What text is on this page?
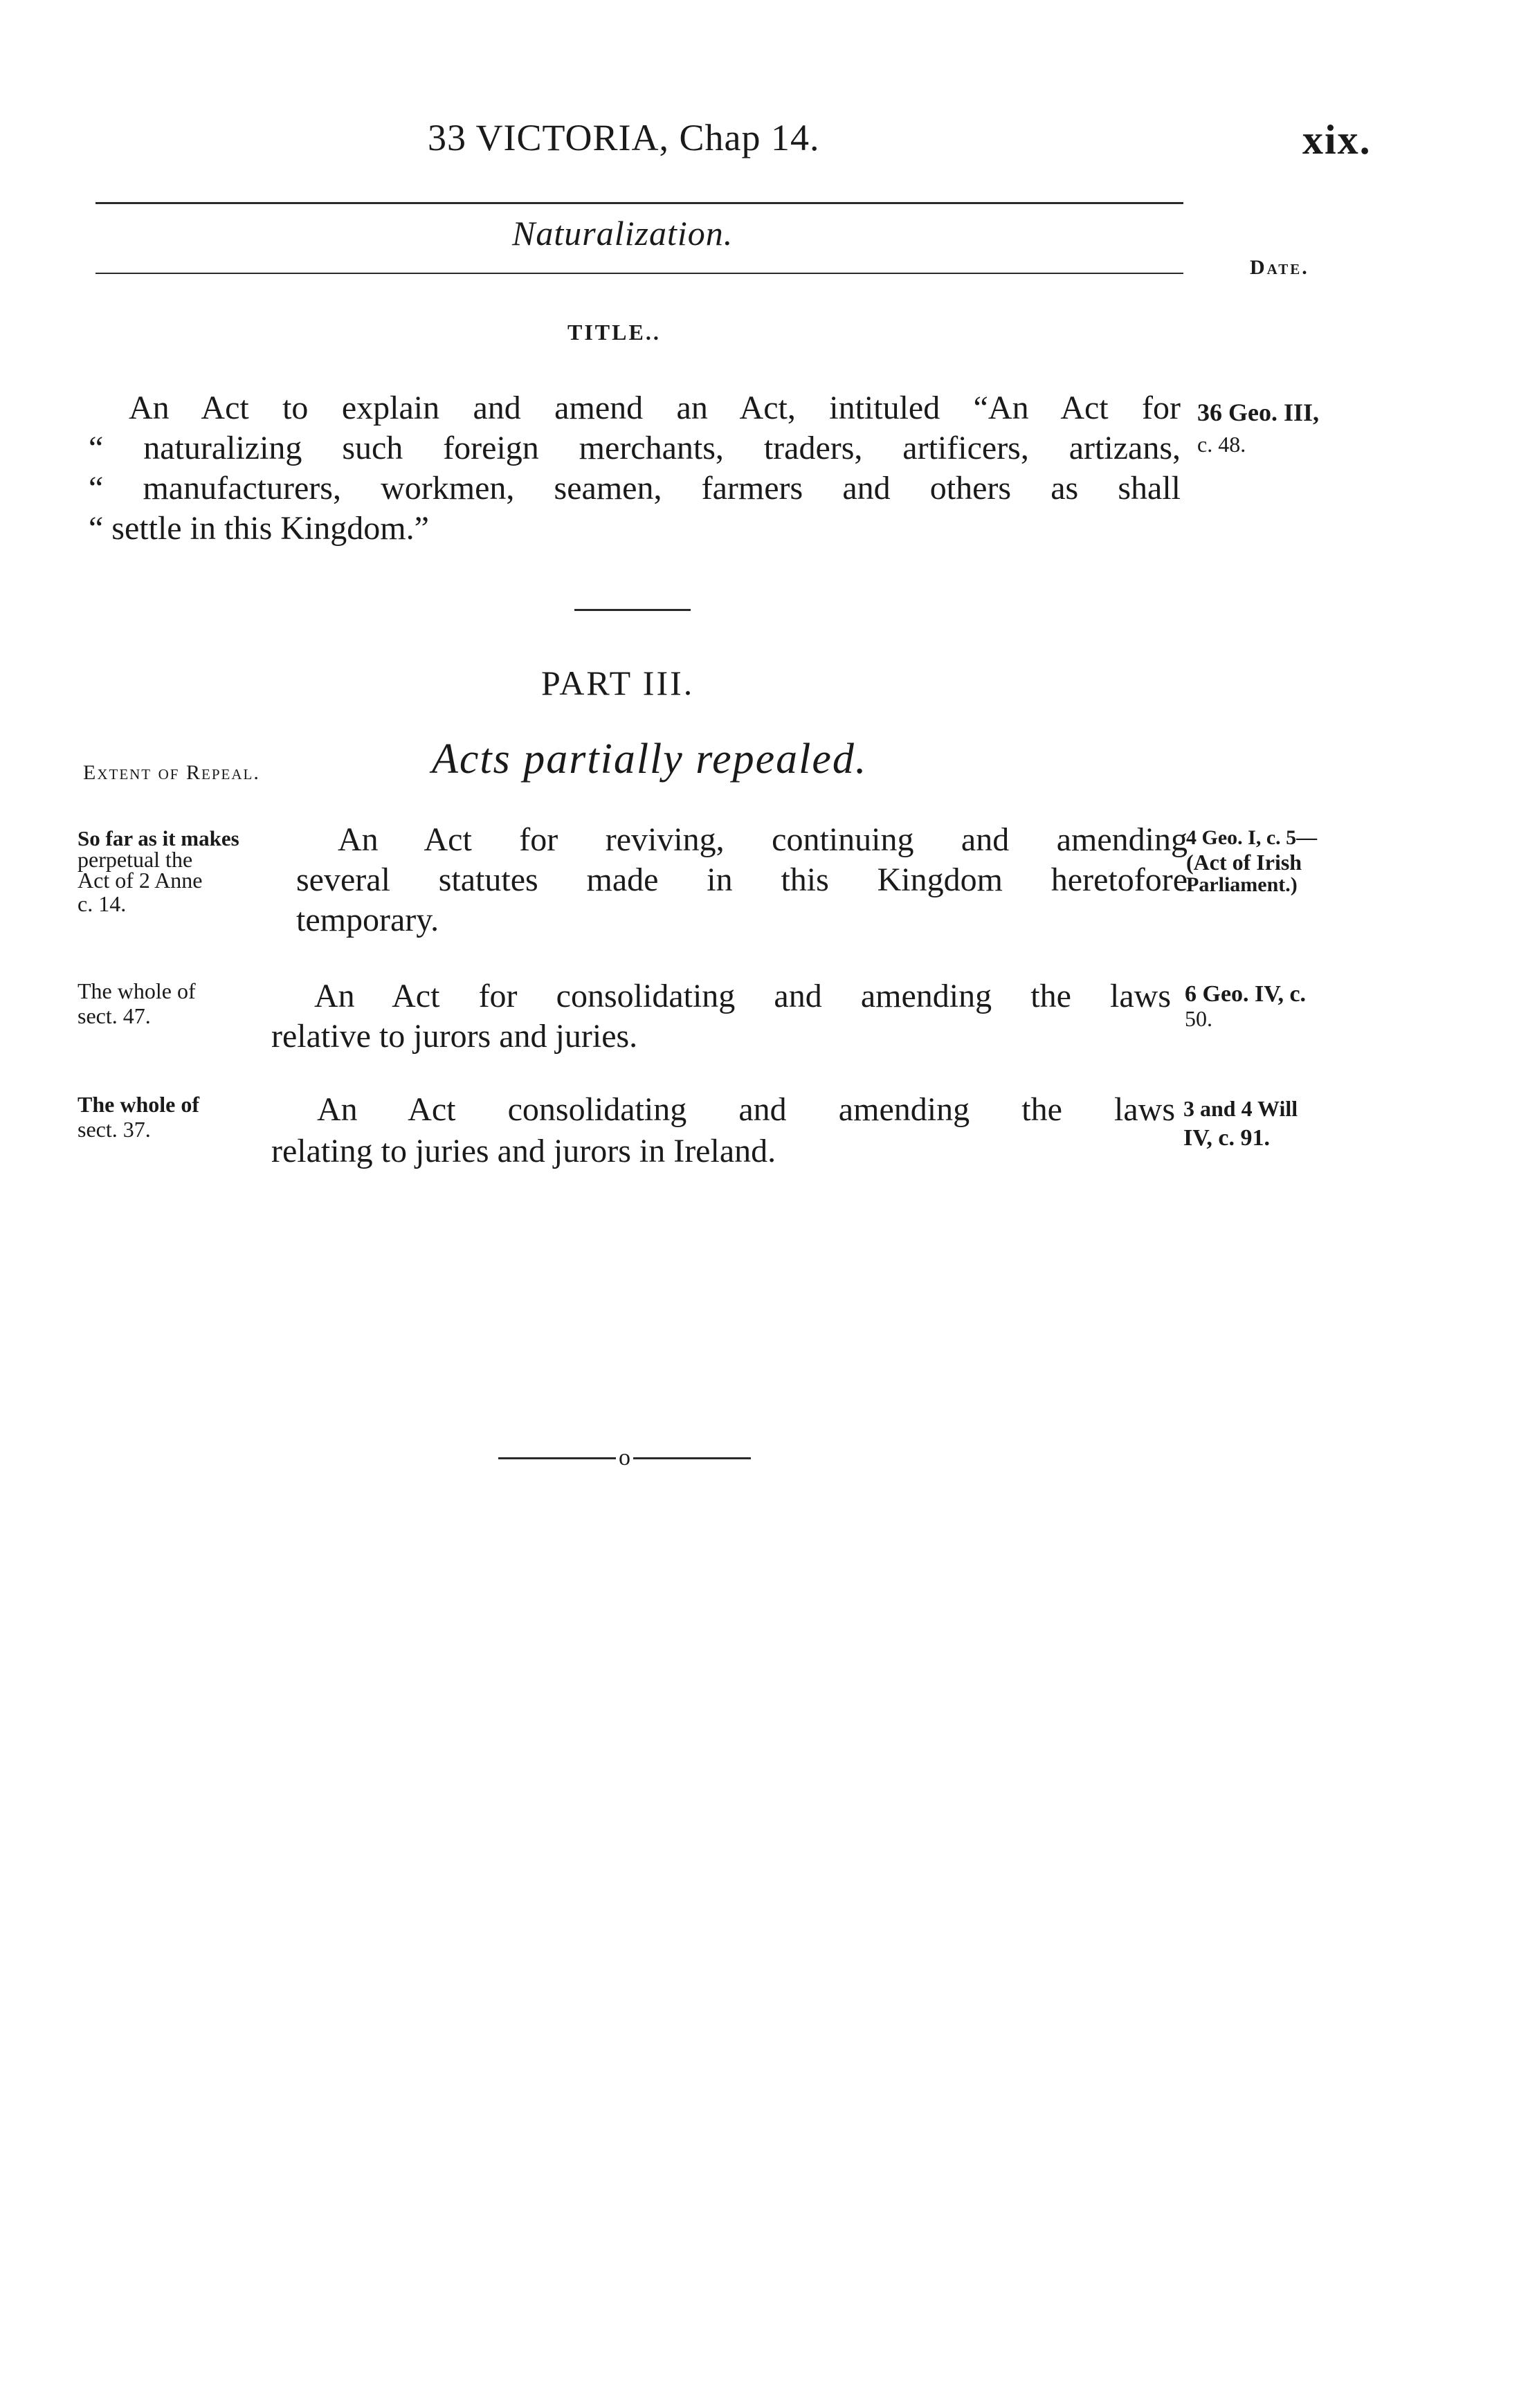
33 VICTORIA, Chap 14.	xix.
Naturalization.
Date.
TITLE..
An Act to explain and amend an Act, intituled “An Act for
“ naturalizing such foreign merchants, traders, artificers, artizans,
“ manufacturers, workmen, seamen, farmers and others as shall
“ settle in this Kingdom.”
36 Geo. III,
c. 48.
PART III.
Extent of Repeal.	Acts partially repealed.
So far as it makes
perpetual the
Act of 2 Anne
c. 14.
An Act for reviving, continuing and amending
several statutes made in this Kingdom heretofore
temporary.
4 Geo. I, c. 5—
(Act of Irish
Parliament.)
The whole of
sect. 47.
An Act for consolidating and amending the laws
relative to jurors and juries.
6 Geo. IV, c.
50.
The whole of
sect. 37.
An Act consolidating and amending the laws
relating to juries and jurors in Ireland.
3 and 4 Will
IV, c. 91.
o
